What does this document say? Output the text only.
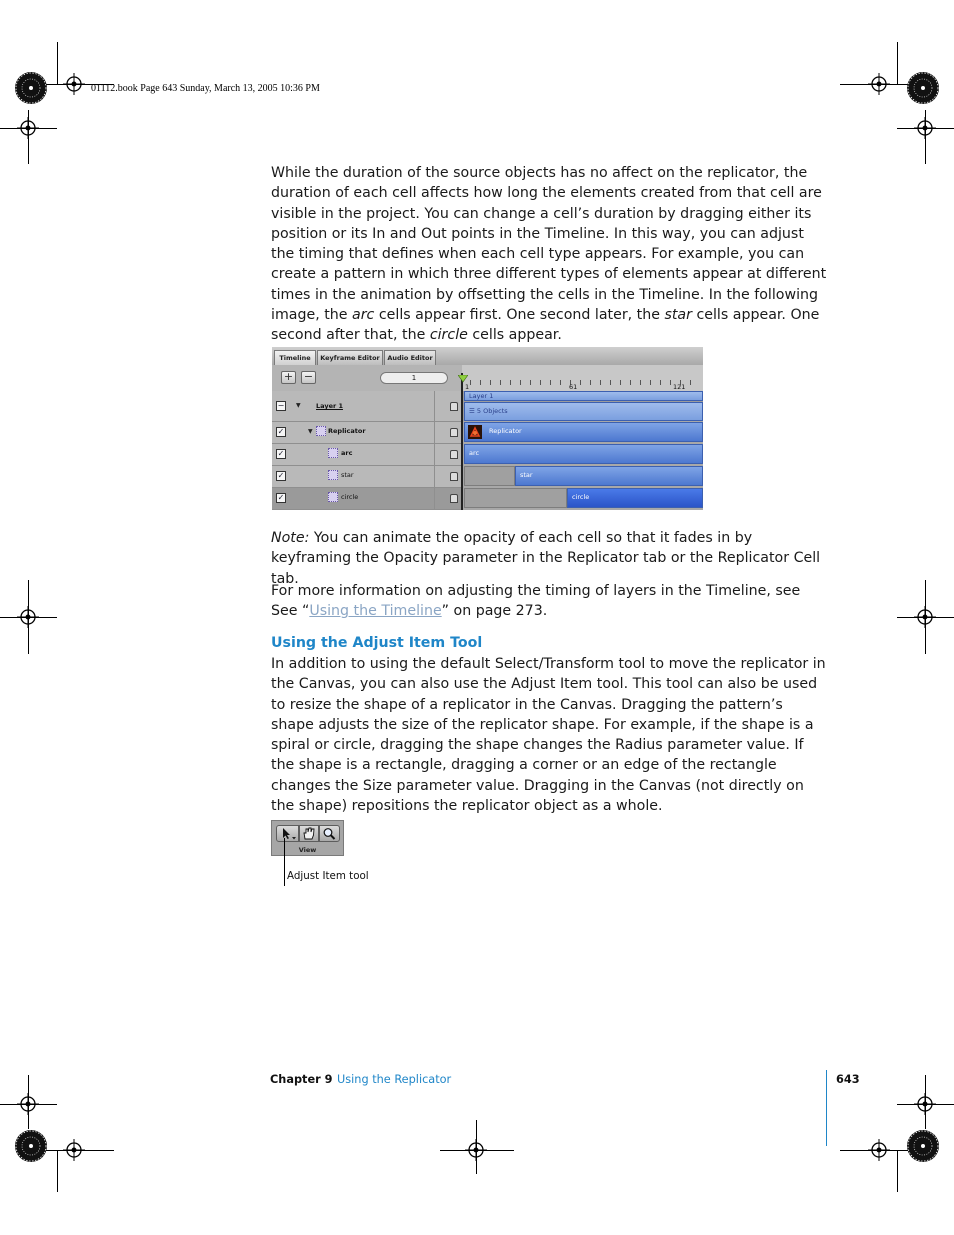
01112.book Page 643 Sunday, March 13, 2005 10:36 PM
While the duration of the source objects has no affect on the replicator, the duration of each cell affects how long the elements created from that cell are visible in the project. You can change a cell’s duration by dragging either its position or its In and Out points in the Timeline. In this way, you can adjust the timing that defines when each cell type appears. For example, you can create a pattern in which three different types of elements appear at different times in the animation by offsetting the cells in the Timeline. In the following image, the arc cells appear first. One second later, the star cells appear. One second after that, the circle cells appear.
Timeline	Keyframe Editor	Audio Editor
+ −	1
1	61	121
− ▼ Layer 1
✓	▼ Replicator
✓	arc
✓	star
✓	circle
Layer 1
☰ 5 Objects
Replicator
arc
star
circle
Note: You can animate the opacity of each cell so that it fades in by keyframing the Opacity parameter in the Replicator tab or the Replicator Cell tab.
For more information on adjusting the timing of layers in the Timeline, see See “Using the Timeline” on page 273.
Using the Adjust Item Tool
In addition to using the default Select/Transform tool to move the replicator in the Canvas, you can also use the Adjust Item tool. This tool can also be used to resize the shape of a replicator in the Canvas. Dragging the pattern’s shape adjusts the size of the replicator shape. For example, if the shape is a spiral or circle, dragging the shape changes the Radius parameter value. If the shape is a rectangle, dragging a corner or an edge of the rectangle changes the Size parameter value. Dragging in the Canvas (not directly on the shape) repositions the replicator object as a whole.
View
Adjust Item tool
Chapter 9 Using the Replicator	643
